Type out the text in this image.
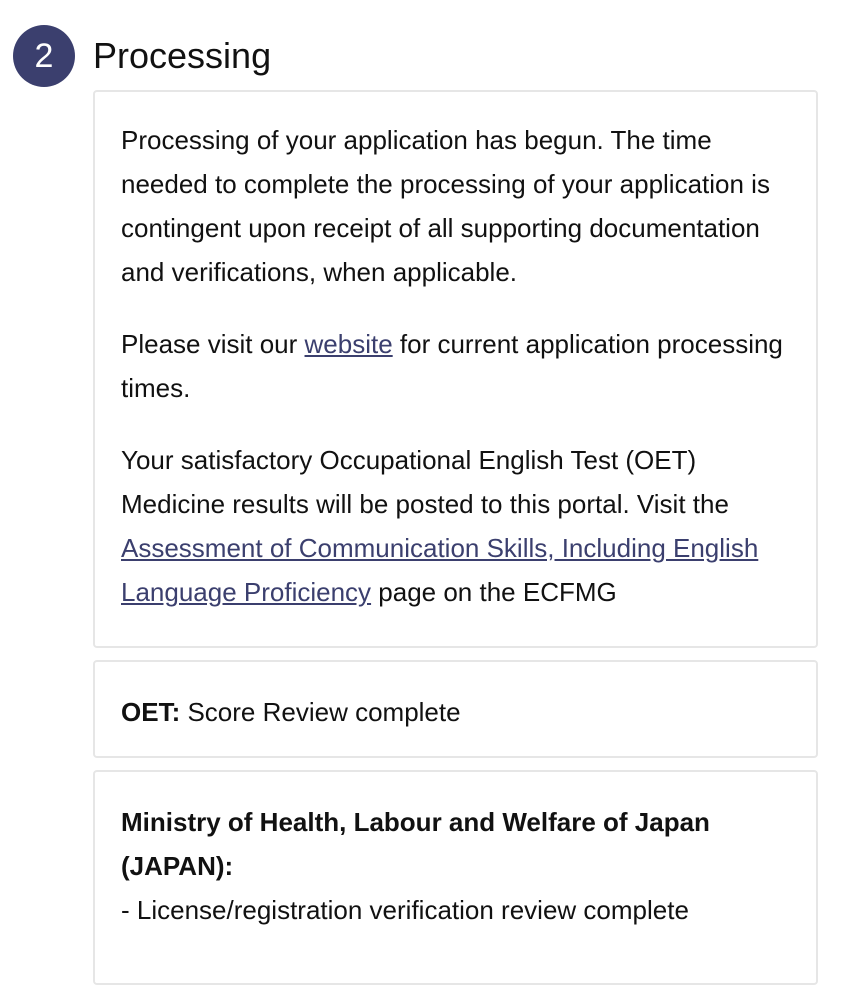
2	Processing

Processing of your application has begun. The time needed to complete the processing of your application is contingent upon receipt of all supporting documentation and verifications, when applicable.

Please visit our website for current application processing times.

Your satisfactory Occupational English Test (OET) Medicine results will be posted to this portal. Visit the Assessment of Communication Skills, Including English Language Proficiency page on the ECFMG

OET: Score Review complete

Ministry of Health, Labour and Welfare of Japan (JAPAN):

- License/registration verification review complete
